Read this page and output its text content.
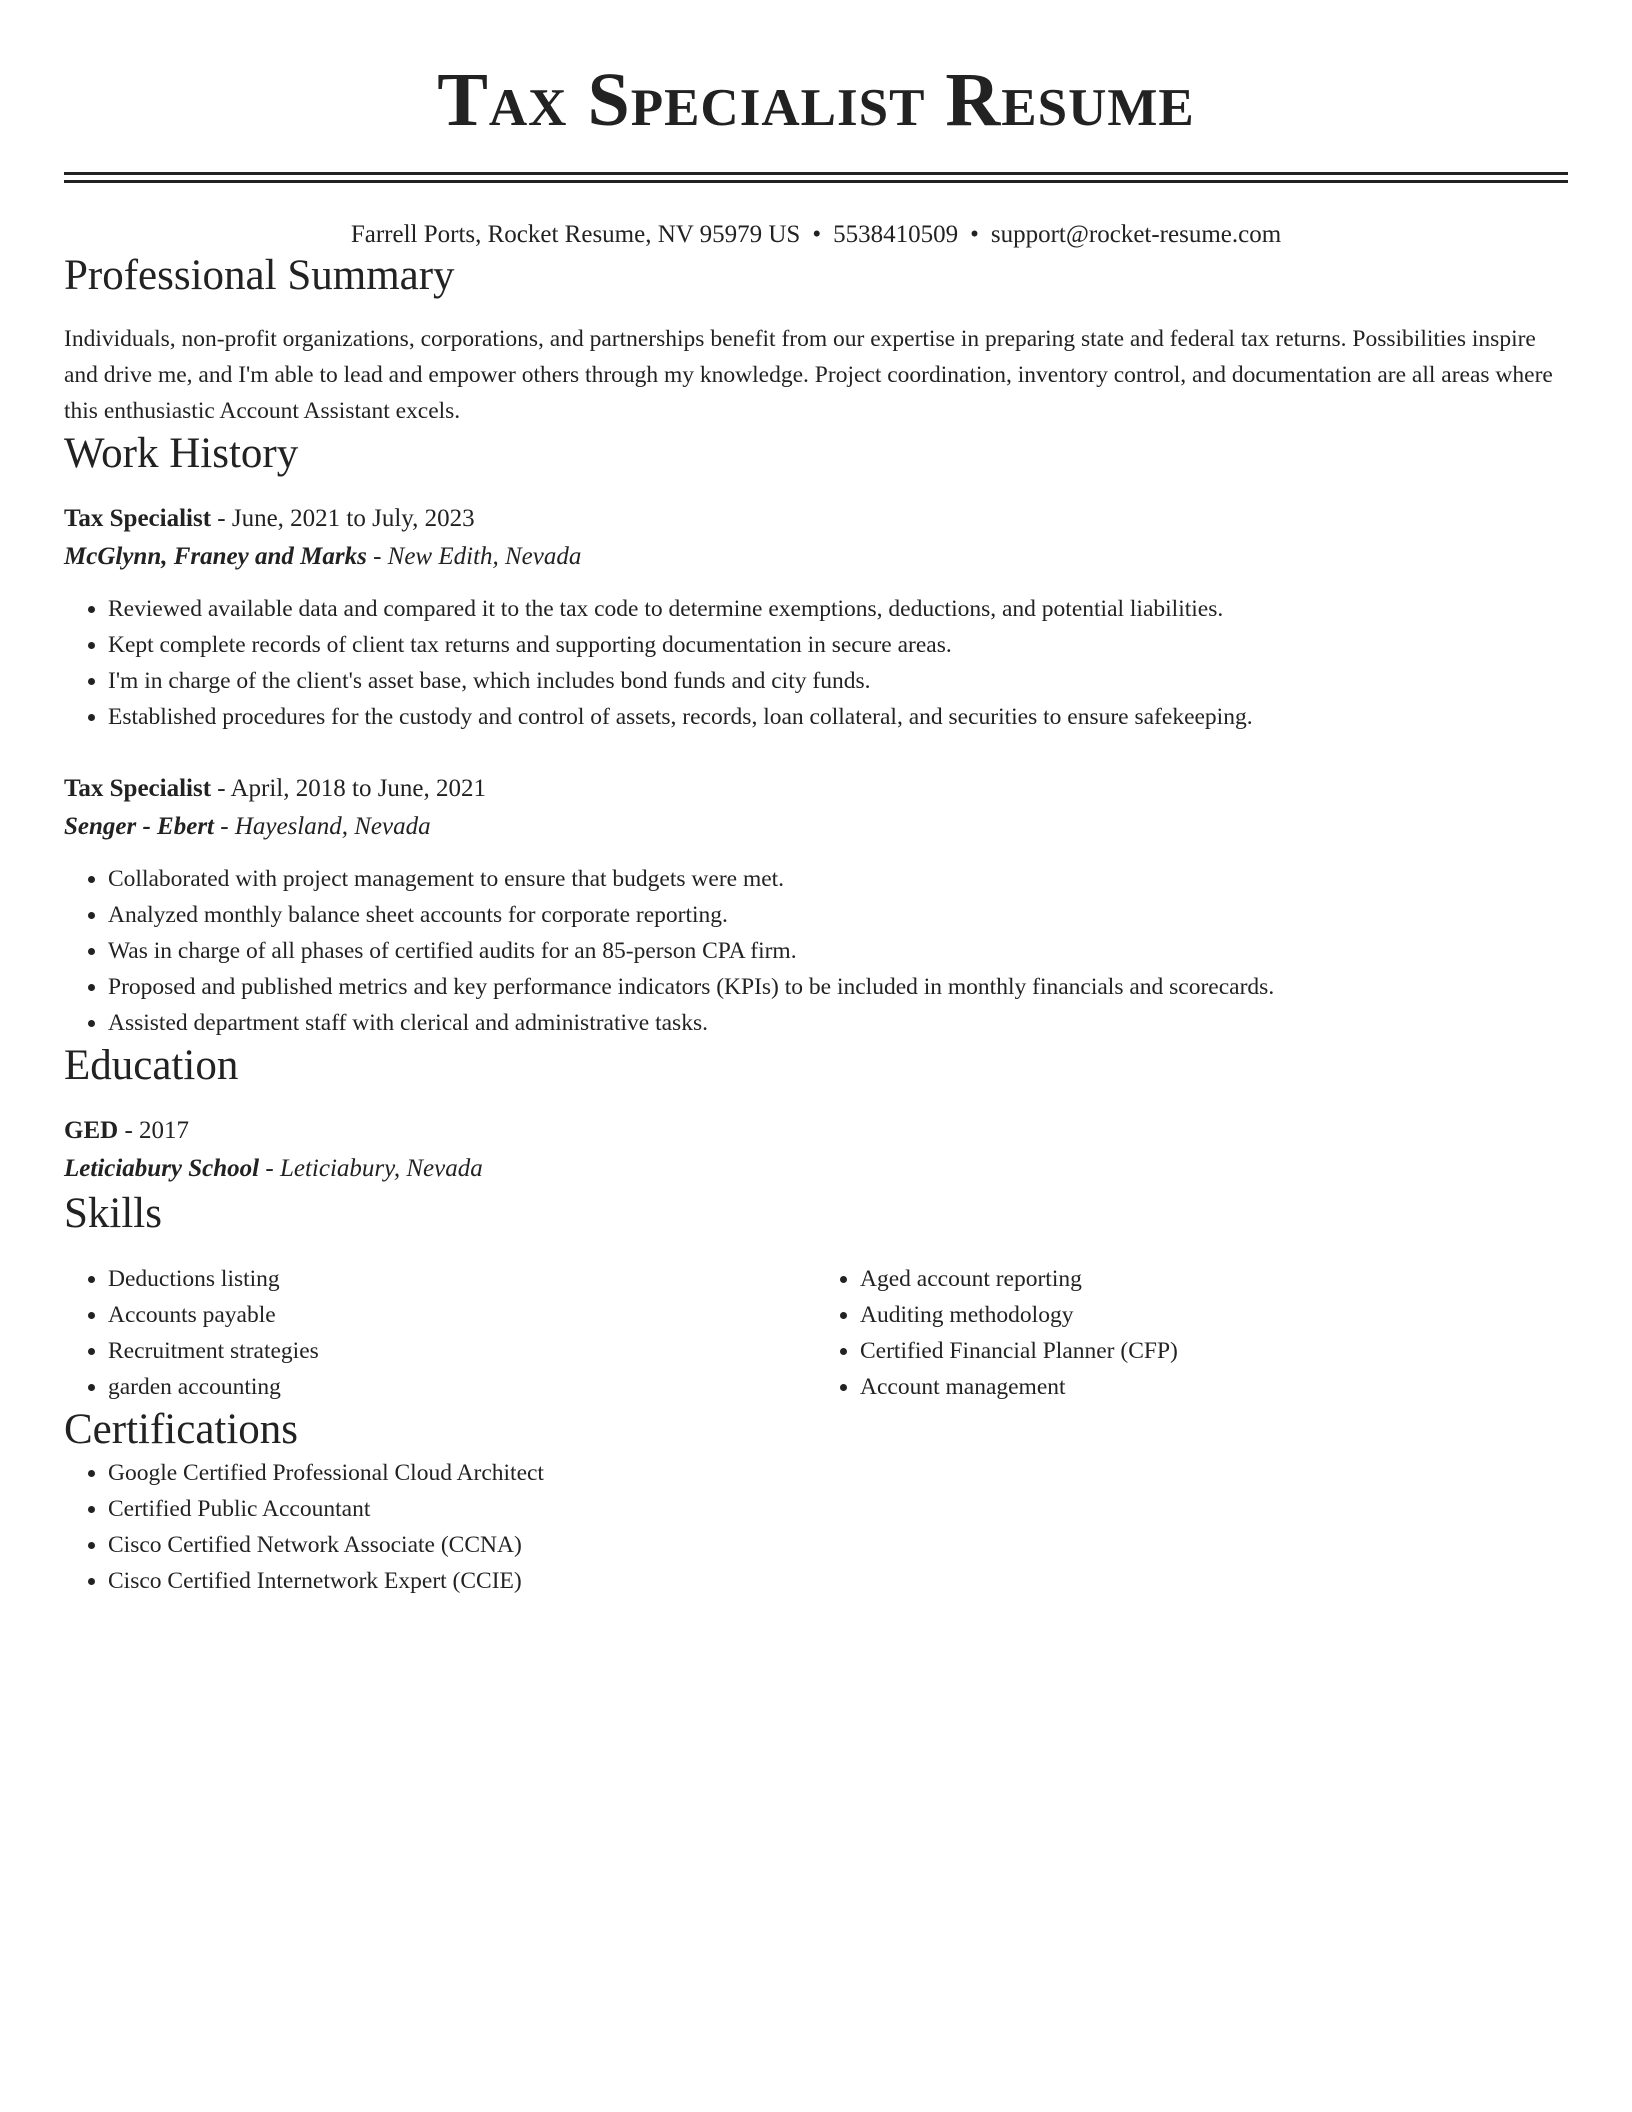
Tax Specialist Resume
Farrell Ports, Rocket Resume, NV 95979 US • 5538410509 • support@rocket-resume.com
Professional Summary
Individuals, non-profit organizations, corporations, and partnerships benefit from our expertise in preparing state and federal tax returns. Possibilities inspire and drive me, and I'm able to lead and empower others through my knowledge. Project coordination, inventory control, and documentation are all areas where this enthusiastic Account Assistant excels.
Work History
Tax Specialist - June, 2021 to July, 2023
McGlynn, Franey and Marks - New Edith, Nevada
• Reviewed available data and compared it to the tax code to determine exemptions, deductions, and potential liabilities.
• Kept complete records of client tax returns and supporting documentation in secure areas.
• I'm in charge of the client's asset base, which includes bond funds and city funds.
• Established procedures for the custody and control of assets, records, loan collateral, and securities to ensure safekeeping.
Tax Specialist - April, 2018 to June, 2021
Senger - Ebert - Hayesland, Nevada
• Collaborated with project management to ensure that budgets were met.
• Analyzed monthly balance sheet accounts for corporate reporting.
• Was in charge of all phases of certified audits for an 85-person CPA firm.
• Proposed and published metrics and key performance indicators (KPIs) to be included in monthly financials and scorecards.
• Assisted department staff with clerical and administrative tasks.
Education
GED - 2017
Leticiabury School - Leticiabury, Nevada
Skills
• Deductions listing
• Accounts payable
• Recruitment strategies
• garden accounting
• Aged account reporting
• Auditing methodology
• Certified Financial Planner (CFP)
• Account management
Certifications
• Google Certified Professional Cloud Architect
• Certified Public Accountant
• Cisco Certified Network Associate (CCNA)
• Cisco Certified Internetwork Expert (CCIE)
